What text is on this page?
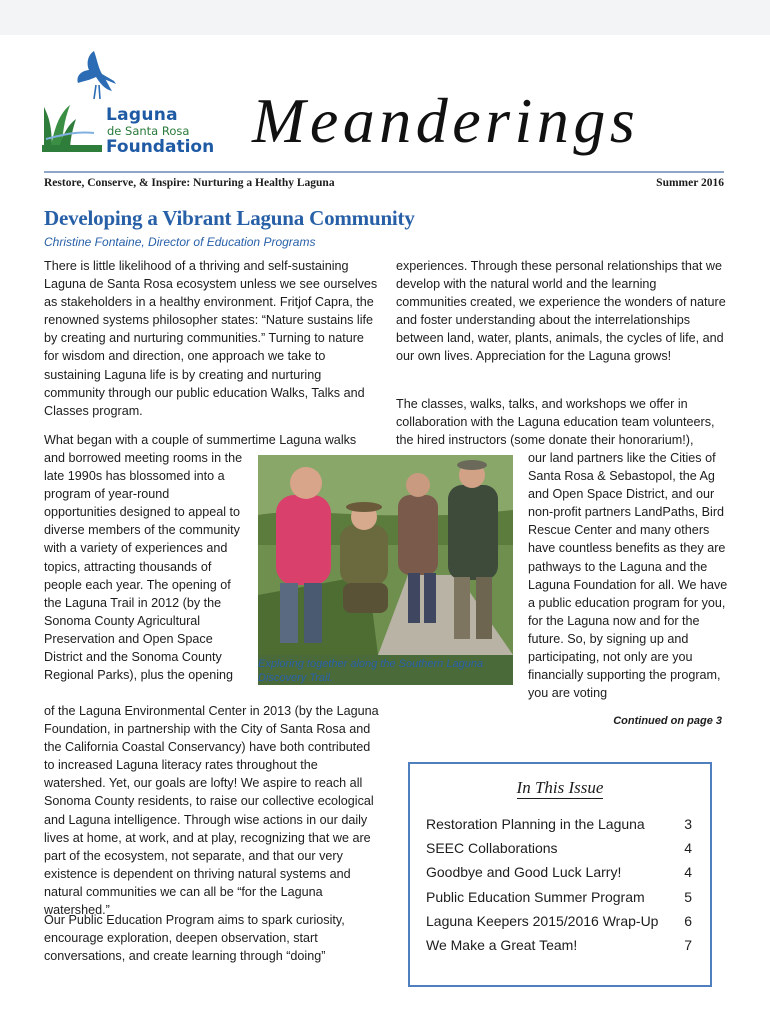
Laguna
de Santa Rosa
Foundation Meanderings
Restore, Conserve, & Inspire: Nurturing a Healthy Laguna	Summer 2016
Developing a Vibrant Laguna Community
Christine Fontaine, Director of Education Programs

There is little likelihood of a thriving and self-sustaining Laguna de Santa Rosa ecosystem unless we see ourselves as stakeholders in a healthy environment. Fritjof Capra, the renowned systems philosopher states: “Nature sustains life by creating and nurturing communities.” Turning to nature for wisdom and direction, one approach we take to sustaining Laguna life is by creating and nurturing community through our public education Walks, Talks and Classes program.

What began with a couple of summertime Laguna walks

and borrowed meeting rooms in the late 1990s has blossomed into a program of year-round opportunities designed to appeal to diverse members of the community with a variety of experiences and topics, attracting thousands of people each year. The opening of the Laguna Trail in 2012 (by the Sonoma County Agricultural Preservation and Open Space District and the Sonoma County Regional Parks), plus the opening

of the Laguna Environmental Center in 2013 (by the Laguna Foundation, in partnership with the City of Santa Rosa and the California Coastal Conservancy) have both contributed to increased Laguna literacy rates throughout the watershed. Yet, our goals are lofty! We aspire to reach all Sonoma County residents, to raise our collective ecological and Laguna intelligence. Through wise actions in our daily lives at home, at work, and at play, recognizing that we are part of the ecosystem, not separate, and that our very existence is dependent on thriving natural systems and natural communities we can all be “for the Laguna watershed.”

Our Public Education Program aims to spark curiosity, encourage exploration, deepen observation, start conversations, and create learning through “doing”

experiences. Through these personal relationships that we develop with the natural world and the learning communities created, we experience the wonders of nature and foster understanding about the interrelationships between land, water, plants, animals, the cycles of life, and our own lives. Appreciation for the Laguna grows!

The classes, walks, talks, and workshops we offer in collaboration with the Laguna education team volunteers, the hired instructors (some donate their honorarium!),

our land partners like the Cities of Santa Rosa & Sebastopol, the Ag and Open Space District, and our non-profit partners LandPaths, Bird Rescue Center and many others have countless benefits as they are pathways to the Laguna and the Laguna Foundation for all. We have a public education program for you, for the Laguna now and for the future. So, by signing up and participating, not only are you financially supporting the program, you are voting

Exploring together along the Southern Laguna Discovery Trail.
Continued on page 3
In This Issue
Restoration Planning in the Laguna	3
SEEC Collaborations	4
Goodbye and Good Luck Larry!	4
Public Education Summer Program	5
Laguna Keepers 2015/2016 Wrap-Up 6
We Make a Great Team!	7
